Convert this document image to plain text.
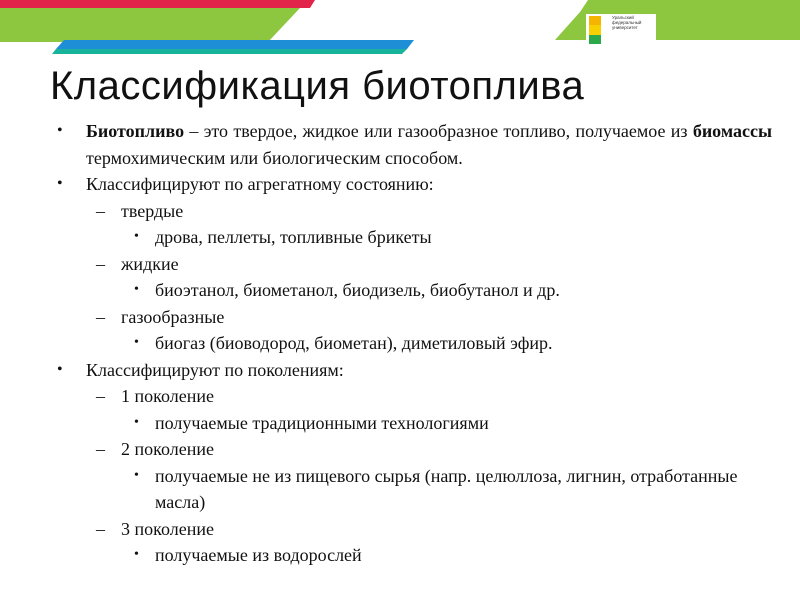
Уральский федеральный университет
Классификация биотоплива
• Биотопливо – это твердое, жидкое или газообразное топливо, получаемое из биомассы термохимическим или биологическим способом.
• Классифицируют по агрегатному состоянию:
– твердые
• дрова, пеллеты, топливные брикеты
– жидкие
• биоэтанол, биометанол, биодизель, биобутанол и др.
– газообразные
• биогаз (биоводород, биометан), диметиловый эфир.
• Классифицируют по поколениям:
– 1 поколение
• получаемые традиционными технологиями
– 2 поколение
• получаемые не из пищевого сырья (напр. целюллоза, лигнин, отработанные масла)
– 3 поколение
• получаемые из водорослей
